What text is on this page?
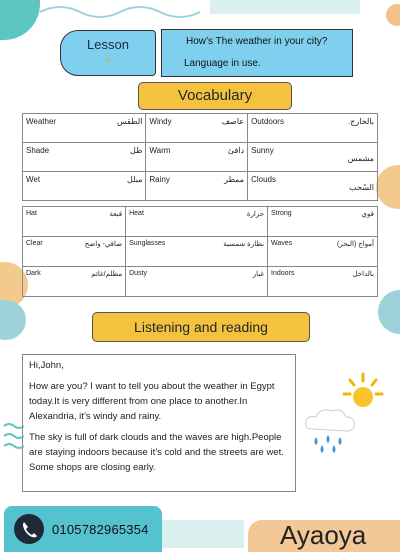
Lesson
٢
How’s The weather in your city?
Language in use.
Vocabulary
Weather الطقس	Windy عاصف	Outdoors بالخارج.

Shade ظل	Warm دافئ	Sunny
مشمس

Wet مبلل	Rainy ممطر	Clouds
السُحب
Hat قبعة	Heat حرارة	Strong قوي

Clear صافي- واضح	Sunglasses نظارة شمسية	Waves أمواج (البحر)

Dark مظلم/غائم	Dusty غبار	Indoors بالداخل
Listening and reading

Hi,John,

How are you? I want to tell you about the weather in Egypt today.It is very different from one place to another.In Alexandria, it’s windy and rainy.

The sky is full of dark clouds and the waves are high.People are staying indoors because it’s cold and the streets are wet. Some shops are closing early.

0105782965354	Ayaoya
